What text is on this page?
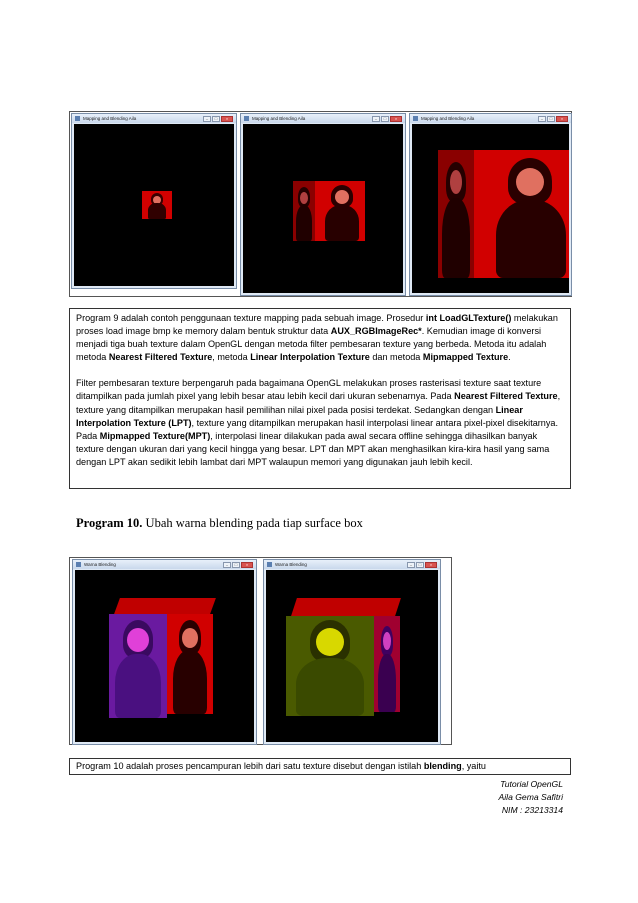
Mapping and Blending Aila	–	□	×	Mapping and Blending Aila	–	□	×	Mapping and Blending Aila	–	□	×

Program 9 adalah contoh penggunaan texture mapping pada sebuah image. Prosedur int LoadGLTexture() melakukan proses load image bmp ke memory dalam bentuk struktur data AUX_RGBImageRec*. Kemudian image di konversi menjadi tiga buah texture dalam OpenGL dengan metoda filter pembesaran texture yang berbeda. Metoda itu adalah metoda Nearest Filtered Texture, metoda Linear Interpolation Texture dan metoda Mipmapped Texture.

Filter pembesaran texture berpengaruh pada bagaimana OpenGL melakukan proses rasterisasi texture saat texture ditampilkan pada jumlah pixel yang lebih besar atau lebih kecil dari ukuran sebenarnya. Pada Nearest Filtered Texture, texture yang ditampilkan merupakan hasil pemilihan nilai pixel pada posisi terdekat. Sedangkan dengan Linear Interpolation Texture (LPT), texture yang ditampilkan merupakan hasil interpolasi linear antara pixel-pixel disekitarnya. Pada Mipmapped Texture(MPT), interpolasi linear dilakukan pada awal secara offline sehingga dihasilkan banyak texture dengan ukuran dari yang kecil hingga yang besar. LPT dan MPT akan menghasilkan kira-kira hasil yang sama dengan LPT akan sedikit lebih lambat dari MPT walaupun memori yang digunakan jauh lebih kecil.

Program 10. Ubah warna blending pada tiap surface box
Warna Blending	–	□	×	Warna Blending	–	□	×

Program 10 adalah proses pencampuran lebih dari satu texture disebut dengan istilah blending, yaitu

Tutorial OpenGL
Aila Gema Safitri
NIM : 23213314
